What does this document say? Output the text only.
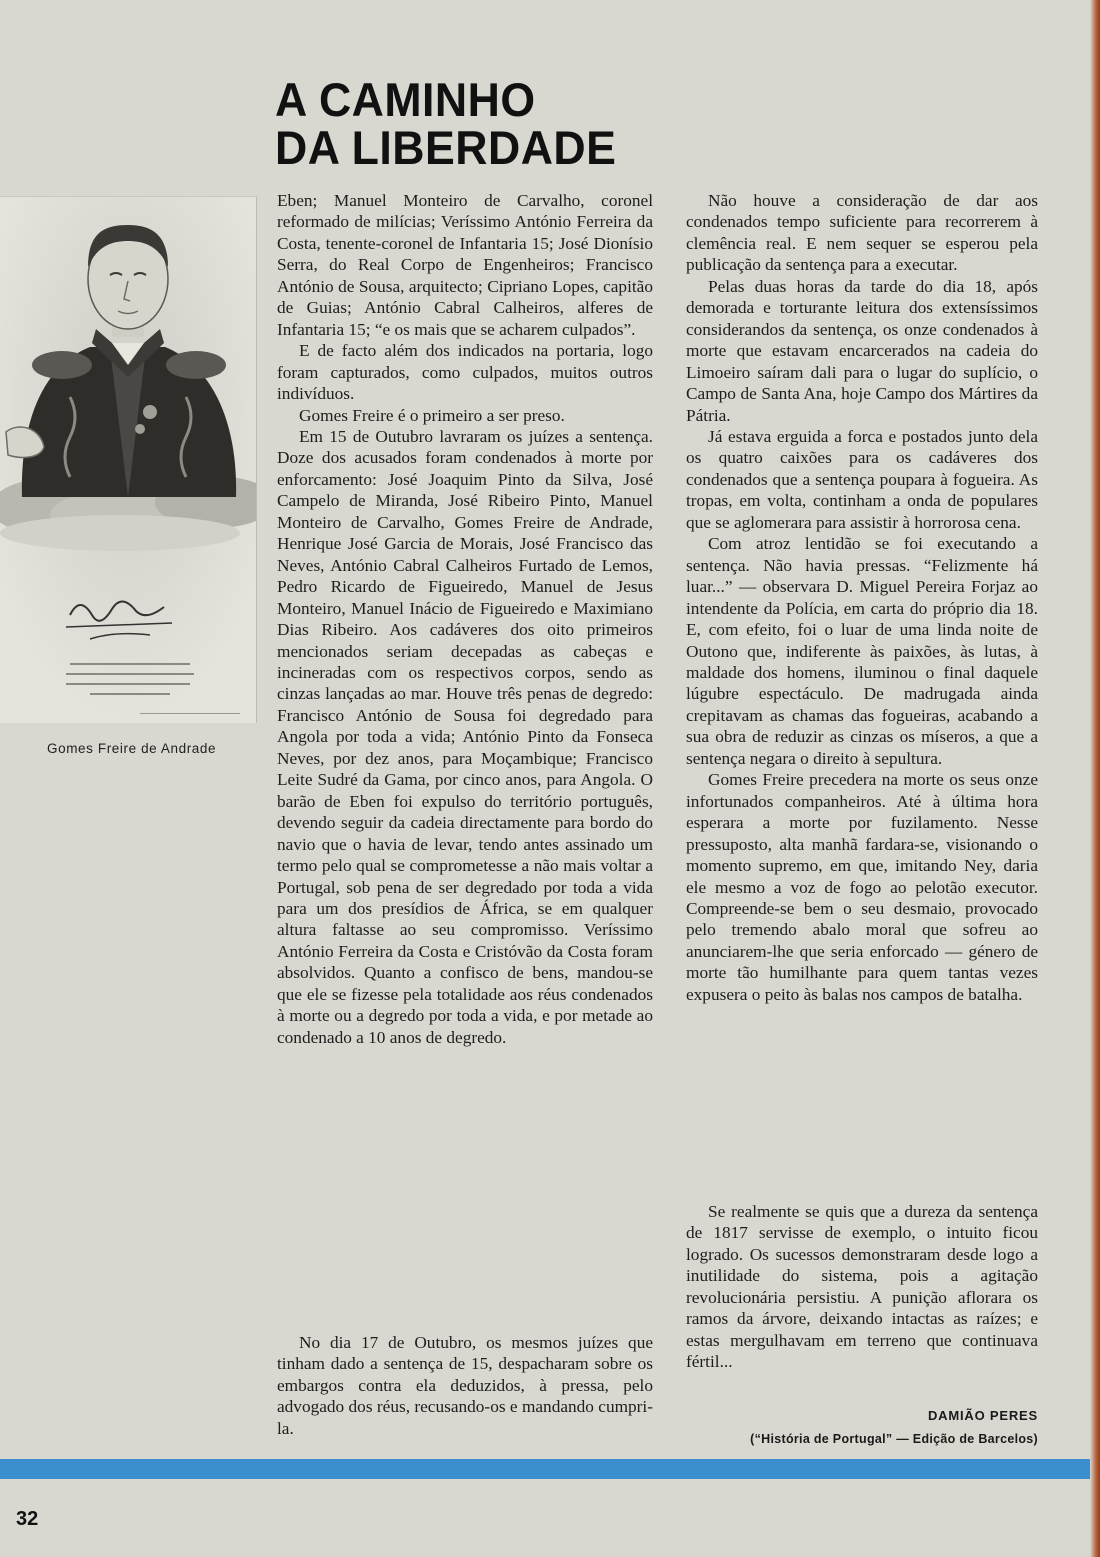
A CAMINHO
DA LIBERDADE
Gomes Freire de Andrade

Eben; Manuel Monteiro de Carvalho, coronel reformado de milícias; Veríssimo António Ferreira da Costa, tenente-coronel de Infantaria 15; José Dionísio Serra, do Real Corpo de Engenheiros; Francisco António de Sousa, arquitecto; Cipriano Lopes, capitão de Guias; António Cabral Calheiros, alferes de Infantaria 15; “e os mais que se acharem culpados”.

E de facto além dos indicados na portaria, logo foram capturados, como culpados, muitos outros indivíduos.

Gomes Freire é o primeiro a ser preso.

Em 15 de Outubro lavraram os juízes a sentença. Doze dos acusados foram condenados à morte por enforcamento: José Joaquim Pinto da Silva, José Campelo de Miranda, José Ribeiro Pinto, Manuel Monteiro de Carvalho, Gomes Freire de Andrade, Henrique José Garcia de Morais, José Francisco das Neves, António Cabral Calheiros Furtado de Lemos, Pedro Ricardo de Figueiredo, Manuel de Jesus Monteiro, Manuel Inácio de Figueiredo e Maximiano Dias Ribeiro. Aos cadáveres dos oito primeiros mencionados seriam decepadas as cabeças e incineradas com os respectivos corpos, sendo as cinzas lançadas ao mar. Houve três penas de degredo: Francisco António de Sousa foi degredado para Angola por toda a vida; António Pinto da Fonseca Neves, por dez anos, para Moçambique; Francisco Leite Sudré da Gama, por cinco anos, para Angola. O barão de Eben foi expulso do território português, devendo seguir da cadeia directamente para bordo do navio que o havia de levar, tendo antes assinado um termo pelo qual se comprometesse a não mais voltar a Portugal, sob pena de ser degredado por toda a vida para um dos presídios de África, se em qualquer altura faltasse ao seu compromisso. Veríssimo António Ferreira da Costa e Cristóvão da Costa foram absolvidos. Quanto a confisco de bens, mandou-se que ele se fizesse pela totalidade aos réus condenados à morte ou a degredo por toda a vida, e por metade ao condenado a 10 anos de degredo.

No dia 17 de Outubro, os mesmos juízes que tinham dado a sentença de 15, despacharam sobre os embargos contra ela deduzidos, à pressa, pelo advogado dos réus, recusando-os e mandando cumpri-la.

Não houve a consideração de dar aos condenados tempo suficiente para recorrerem à clemência real. E nem sequer se esperou pela publicação da sentença para a executar.

Pelas duas horas da tarde do dia 18, após demorada e torturante leitura dos extensíssimos considerandos da sentença, os onze condenados à morte que estavam encarcerados na cadeia do Limoeiro saíram dali para o lugar do suplício, o Campo de Santa Ana, hoje Campo dos Mártires da Pátria.

Já estava erguida a forca e postados junto dela os quatro caixões para os cadáveres dos condenados que a sentença poupara à fogueira. As tropas, em volta, continham a onda de populares que se aglomerara para assistir à horrorosa cena.

Com atroz lentidão se foi executando a sentença. Não havia pressas. “Felizmente há luar...” — observara D. Miguel Pereira Forjaz ao intendente da Polícia, em carta do próprio dia 18. E, com efeito, foi o luar de uma linda noite de Outono que, indiferente às paixões, às lutas, à maldade dos homens, iluminou o final daquele lúgubre espectáculo. De madrugada ainda crepitavam as chamas das fogueiras, acabando a sua obra de reduzir as cinzas os míseros, a que a sentença negara o direito à sepultura.

Gomes Freire precedera na morte os seus onze infortunados companheiros. Até à última hora esperara a morte por fuzilamento. Nesse pressuposto, alta manhã fardara-se, visionando o momento supremo, em que, imitando Ney, daria ele mesmo a voz de fogo ao pelotão executor. Compreende-se bem o seu desmaio, provocado pelo tremendo abalo moral que sofreu ao anunciarem-lhe que seria enforcado — género de morte tão humilhante para quem tantas vezes expusera o peito às balas nos campos de batalha.

Se realmente se quis que a dureza da sentença de 1817 servisse de exemplo, o intuito ficou logrado. Os sucessos demonstraram desde logo a inutilidade do sistema, pois a agitação revolucionária persistiu. A punição aflorara os ramos da árvore, deixando intactas as raízes; e estas mergulhavam em terreno que continuava fértil...

DAMIÃO PERES
(“História de Portugal” — Edição de Barcelos)
32
